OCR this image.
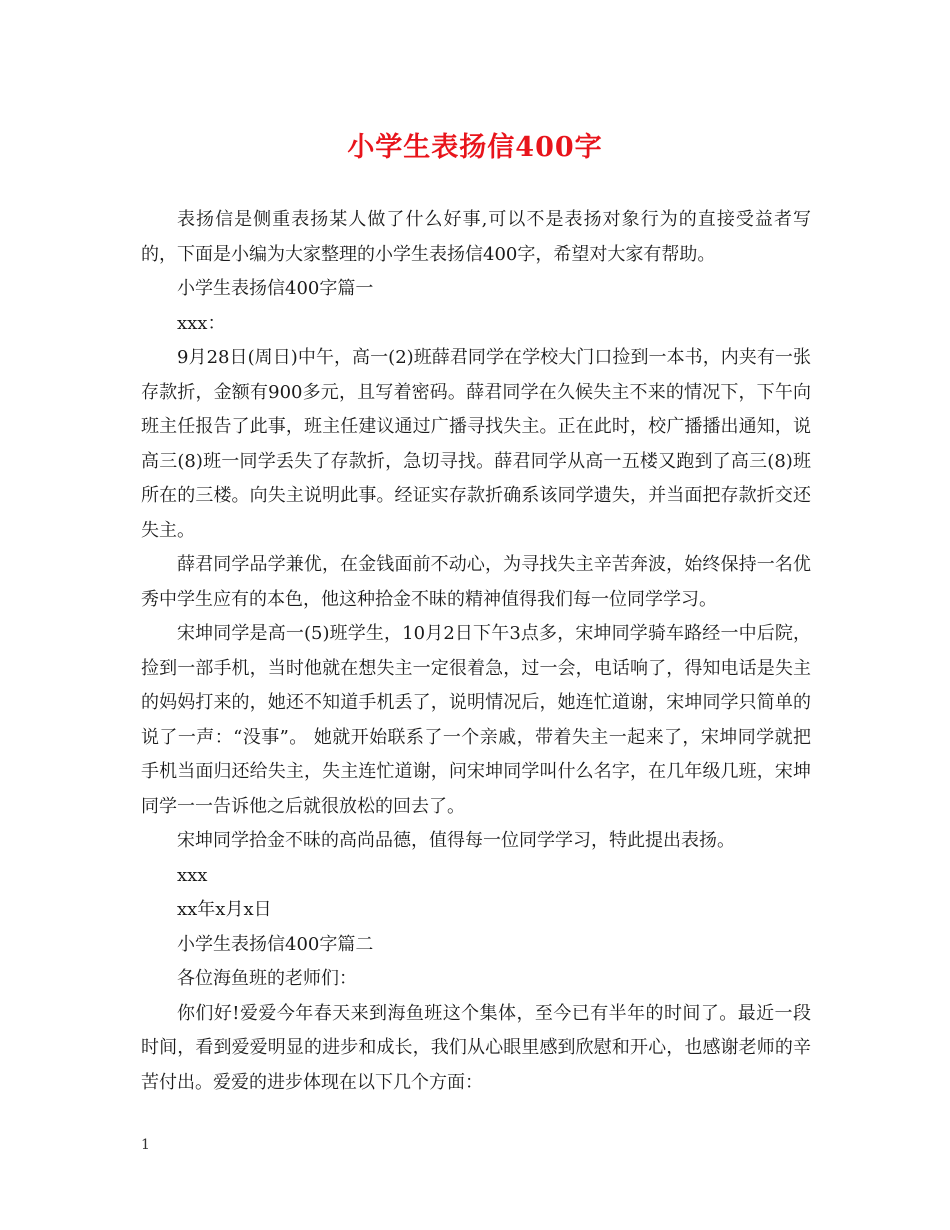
小学生表扬信400字

表扬信是侧重表扬某人做了什么好事,可以不是表扬对象行为的直接受益者写的，下面是小编为大家整理的小学生表扬信400字，希望对大家有帮助。

小学生表扬信400字篇一

xxx：

9月28日(周日)中午，高一(2)班薛君同学在学校大门口捡到一本书，内夹有一张存款折，金额有900多元，且写着密码。薛君同学在久候失主不来的情况下，下午向班主任报告了此事，班主任建议通过广播寻找失主。正在此时，校广播播出通知，说高三(8)班一同学丢失了存款折，急切寻找。薛君同学从高一五楼又跑到了高三(8)班所在的三楼。向失主说明此事。经证实存款折确系该同学遗失，并当面把存款折交还失主。

薛君同学品学兼优，在金钱面前不动心，为寻找失主辛苦奔波，始终保持一名优秀中学生应有的本色，他这种拾金不昧的精神值得我们每一位同学学习。

宋坤同学是高一(5)班学生，10月2日下午3点多，宋坤同学骑车路经一中后院，捡到一部手机，当时他就在想失主一定很着急，过一会，电话响了，得知电话是失主的妈妈打来的，她还不知道手机丢了，说明情况后，她连忙道谢，宋坤同学只简单的说了一声：“没事”。 她就开始联系了一个亲戚，带着失主一起来了，宋坤同学就把手机当面归还给失主，失主连忙道谢，问宋坤同学叫什么名字，在几年级几班，宋坤同学一一告诉他之后就很放松的回去了。

宋坤同学拾金不昧的高尚品德，值得每一位同学学习，特此提出表扬。

xxx

xx年x月x日

小学生表扬信400字篇二

各位海鱼班的老师们：

你们好!爱爱今年春天来到海鱼班这个集体，至今已有半年的时间了。最近一段时间，看到爱爱明显的进步和成长，我们从心眼里感到欣慰和开心，也感谢老师的辛苦付出。爱爱的进步体现在以下几个方面：

1
